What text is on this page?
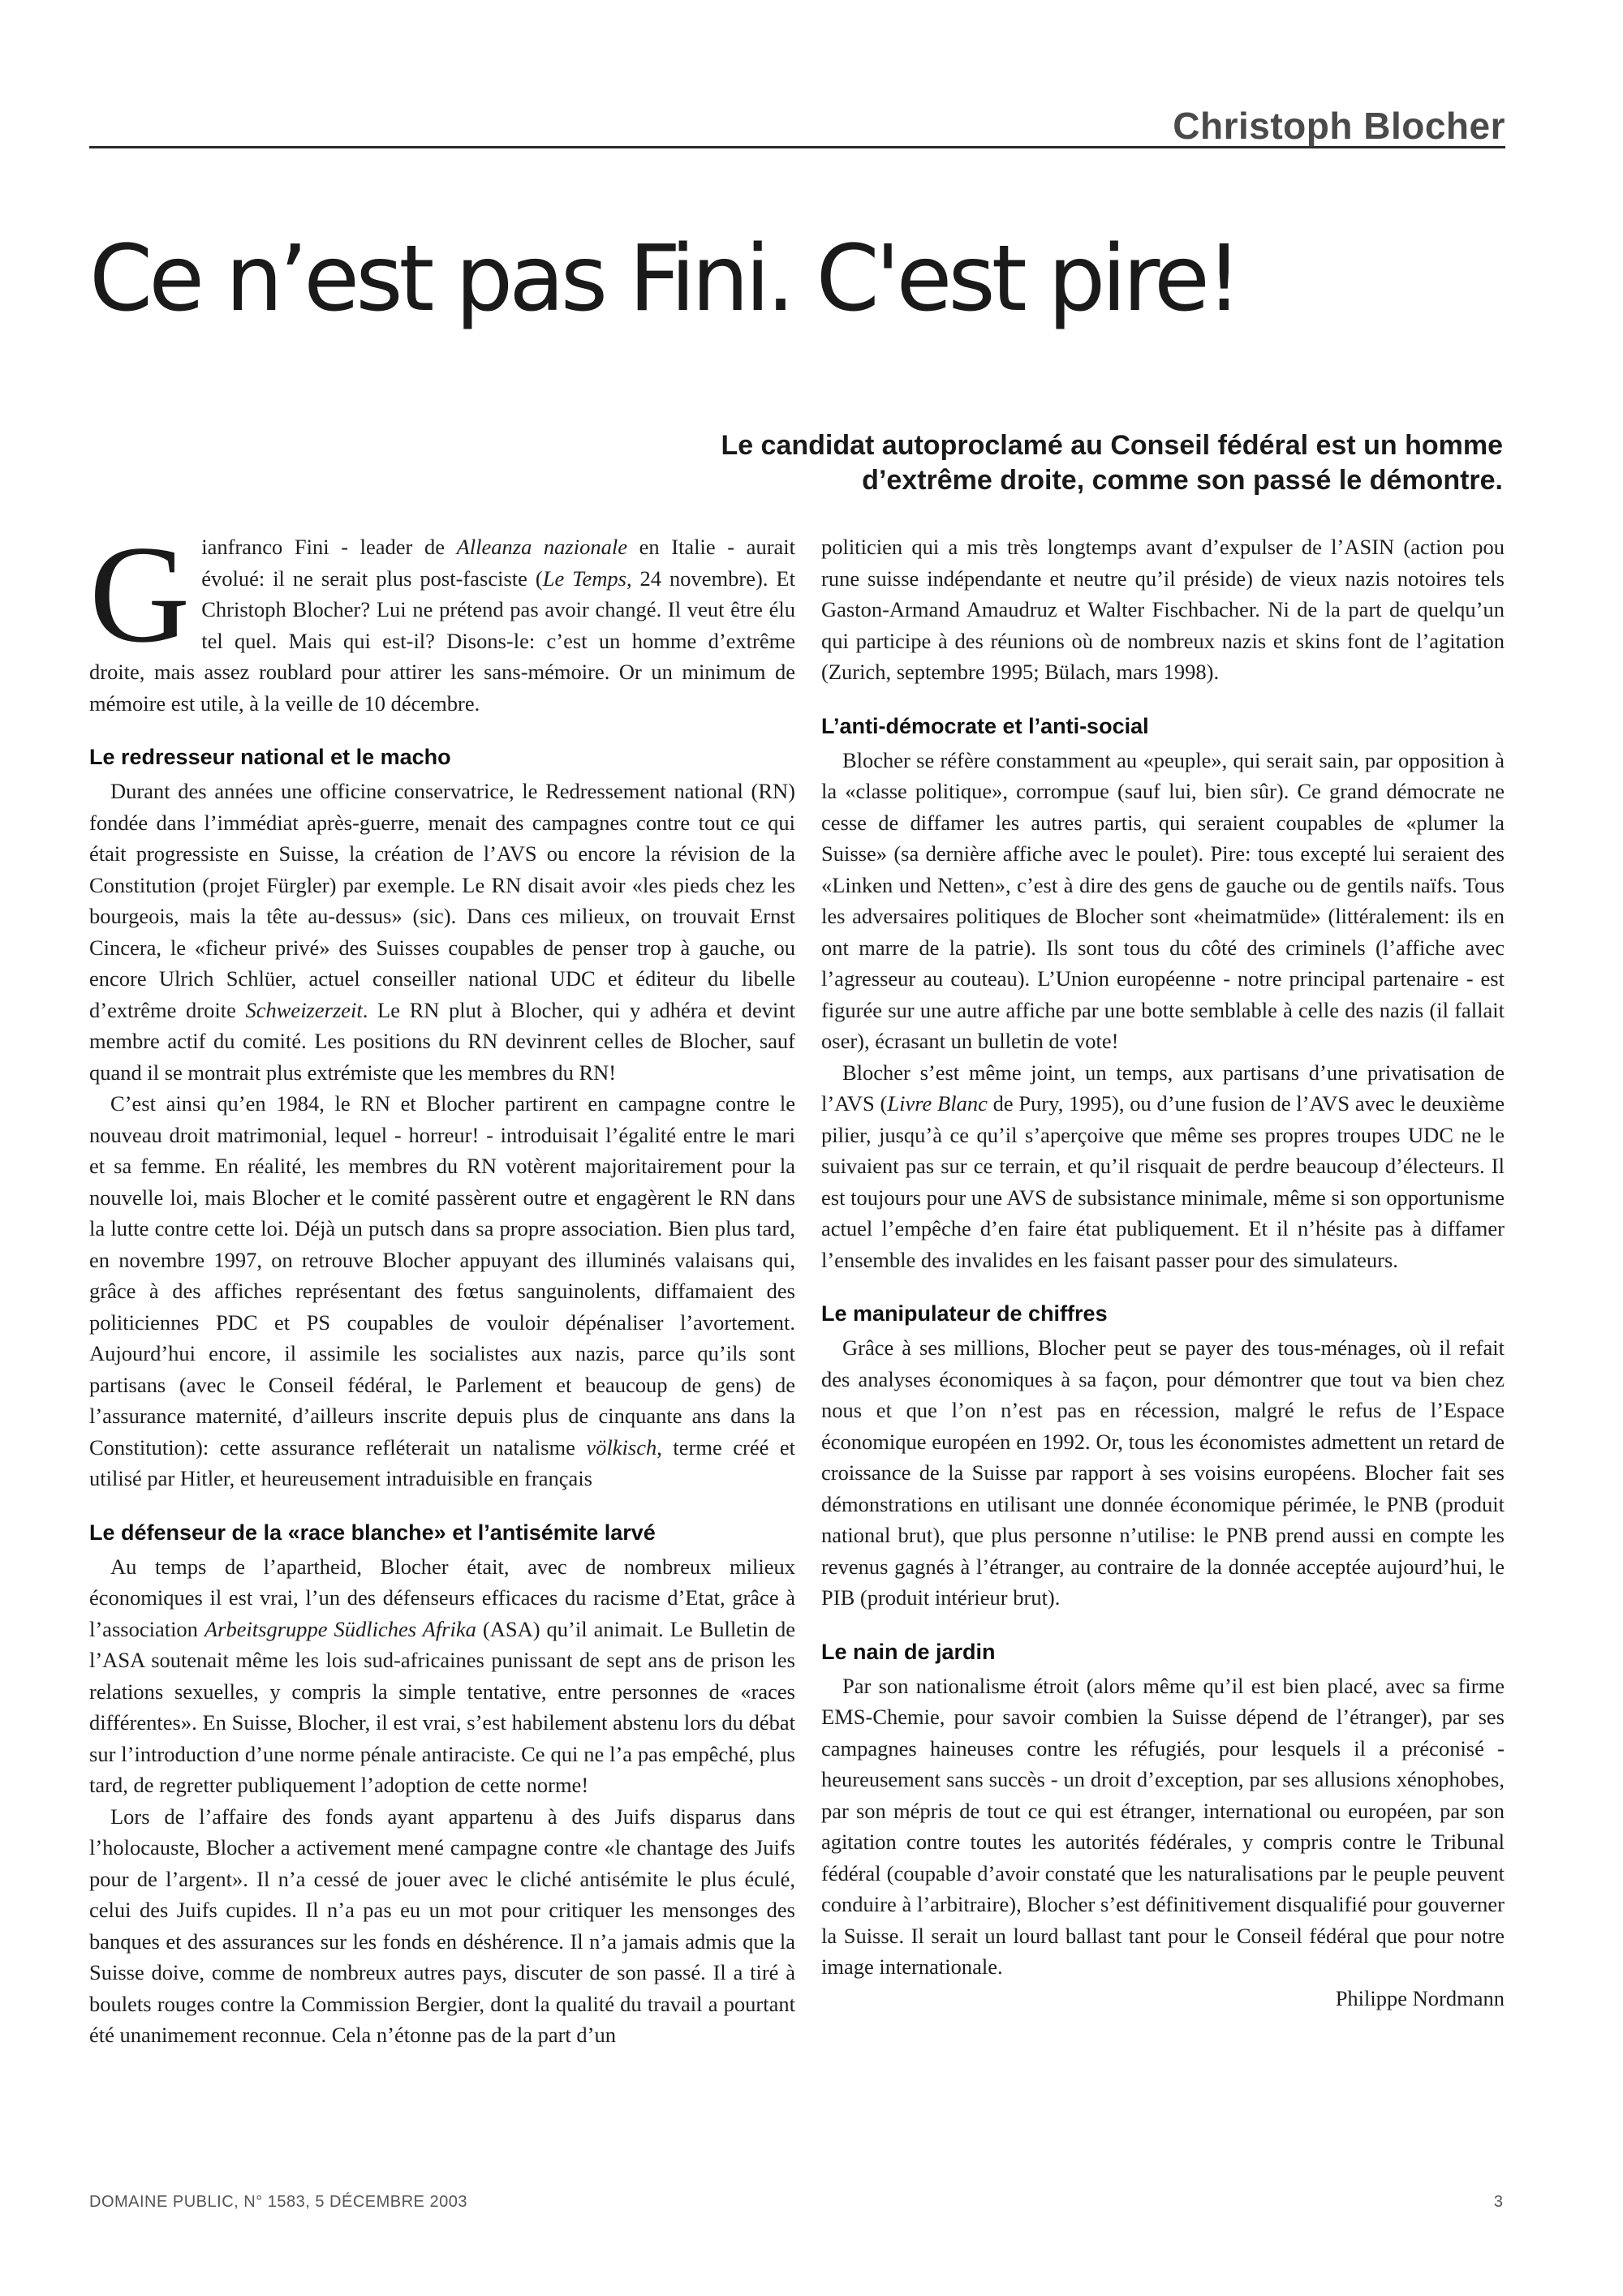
Christoph Blocher
Ce n’est pas Fini. C'est pire!
Le candidat autoproclamé au Conseil fédéral est un homme
d’extrême droite, comme son passé le démontre.

Gianfranco Fini - leader de Alleanza nazionale en Italie - aurait évolué: il ne serait plus post-fasciste (Le Temps, 24 novembre). Et Christoph Blocher? Lui ne prétend pas avoir changé. Il veut être élu tel quel. Mais qui est-il? Disons-le: c’est un homme d’extrême droite, mais assez roublard pour attirer les sans-mémoire. Or un minimum de mémoire est utile, à la veille de 10 décembre.

Le redresseur national et le macho

Durant des années une officine conservatrice, le Redressement national (RN) fondée dans l’immédiat après-guerre, menait des campagnes contre tout ce qui était progressiste en Suisse, la création de l’AVS ou encore la révision de la Constitution (projet Fürgler) par exemple. Le RN disait avoir «les pieds chez les bourgeois, mais la tête au-dessus» (sic). Dans ces milieux, on trouvait Ernst Cincera, le «ficheur privé» des Suisses coupables de penser trop à gauche, ou encore Ulrich Schlüer, actuel conseiller national UDC et éditeur du libelle d’extrême droite Schweizerzeit. Le RN plut à Blocher, qui y adhéra et devint membre actif du comité. Les positions du RN devinrent celles de Blocher, sauf quand il se montrait plus extrémiste que les membres du RN!

C’est ainsi qu’en 1984, le RN et Blocher partirent en campagne contre le nouveau droit matrimonial, lequel - horreur! - introduisait l’égalité entre le mari et sa femme. En réalité, les membres du RN votèrent majoritairement pour la nouvelle loi, mais Blocher et le comité passèrent outre et engagèrent le RN dans la lutte contre cette loi. Déjà un putsch dans sa propre association. Bien plus tard, en novembre 1997, on retrouve Blocher appuyant des illuminés valaisans qui, grâce à des affiches représentant des fœtus sanguinolents, diffamaient des politiciennes PDC et PS coupables de vouloir dépénaliser l’avortement. Aujourd’hui encore, il assimile les socialistes aux nazis, parce qu’ils sont partisans (avec le Conseil fédéral, le Parlement et beaucoup de gens) de l’assurance maternité, d’ailleurs inscrite depuis plus de cinquante ans dans la Constitution): cette assurance refléterait un natalisme völkisch, terme créé et utilisé par Hitler, et heureusement intraduisible en français

Le défenseur de la «race blanche» et l’antisémite larvé

Au temps de l’apartheid, Blocher était, avec de nombreux milieux économiques il est vrai, l’un des défenseurs efficaces du racisme d’Etat, grâce à l’association Arbeitsgruppe Südliches Afrika (ASA) qu’il animait. Le Bulletin de l’ASA soutenait même les lois sud-africaines punissant de sept ans de prison les relations sexuelles, y compris la simple tentative, entre personnes de «races différentes». En Suisse, Blocher, il est vrai, s’est habilement abstenu lors du débat sur l’introduction d’une norme pénale antiraciste. Ce qui ne l’a pas empêché, plus tard, de regretter publiquement l’adoption de cette norme!

Lors de l’affaire des fonds ayant appartenu à des Juifs disparus dans l’holocauste, Blocher a activement mené campagne contre «le chantage des Juifs pour de l’argent». Il n’a cessé de jouer avec le cliché antisémite le plus éculé, celui des Juifs cupides. Il n’a pas eu un mot pour critiquer les mensonges des banques et des assurances sur les fonds en déshérence. Il n’a jamais admis que la Suisse doive, comme de nombreux autres pays, discuter de son passé. Il a tiré à boulets rouges contre la Commission Bergier, dont la qualité du travail a pourtant été unanimement reconnue. Cela n’étonne pas de la part d’un

politicien qui a mis très longtemps avant d’expulser de l’ASIN (action pou rune suisse indépendante et neutre qu’il préside) de vieux nazis notoires tels Gaston-Armand Amaudruz et Walter Fischbacher. Ni de la part de quelqu’un qui participe à des réunions où de nombreux nazis et skins font de l’agitation (Zurich, septembre 1995; Bülach, mars 1998).

L’anti-démocrate et l’anti-social

Blocher se réfère constamment au «peuple», qui serait sain, par opposition à la «classe politique», corrompue (sauf lui, bien sûr). Ce grand démocrate ne cesse de diffamer les autres partis, qui seraient coupables de «plumer la Suisse» (sa dernière affiche avec le poulet). Pire: tous excepté lui seraient des «Linken und Netten», c’est à dire des gens de gauche ou de gentils naïfs. Tous les adversaires politiques de Blocher sont «heimatmüde» (littéralement: ils en ont marre de la patrie). Ils sont tous du côté des criminels (l’affiche avec l’agresseur au couteau). L’Union européenne - notre principal partenaire - est figurée sur une autre affiche par une botte semblable à celle des nazis (il fallait oser), écrasant un bulletin de vote!

Blocher s’est même joint, un temps, aux partisans d’une privatisation de l’AVS (Livre Blanc de Pury, 1995), ou d’une fusion de l’AVS avec le deuxième pilier, jusqu’à ce qu’il s’aperçoive que même ses propres troupes UDC ne le suivaient pas sur ce terrain, et qu’il risquait de perdre beaucoup d’électeurs. Il est toujours pour une AVS de subsistance minimale, même si son opportunisme actuel l’empêche d’en faire état publiquement. Et il n’hésite pas à diffamer l’ensemble des invalides en les faisant passer pour des simulateurs.

Le manipulateur de chiffres

Grâce à ses millions, Blocher peut se payer des tous-ménages, où il refait des analyses économiques à sa façon, pour démontrer que tout va bien chez nous et que l’on n’est pas en récession, malgré le refus de l’Espace économique européen en 1992. Or, tous les économistes admettent un retard de croissance de la Suisse par rapport à ses voisins européens. Blocher fait ses démonstrations en utilisant une donnée économique périmée, le PNB (produit national brut), que plus personne n’utilise: le PNB prend aussi en compte les revenus gagnés à l’étranger, au contraire de la donnée acceptée aujourd’hui, le PIB (produit intérieur brut).

Le nain de jardin

Par son nationalisme étroit (alors même qu’il est bien placé, avec sa firme EMS-Chemie, pour savoir combien la Suisse dépend de l’étranger), par ses campagnes haineuses contre les réfugiés, pour lesquels il a préconisé - heureusement sans succès - un droit d’exception, par ses allusions xénophobes, par son mépris de tout ce qui est étranger, international ou européen, par son agitation contre toutes les autorités fédérales, y compris contre le Tribunal fédéral (coupable d’avoir constaté que les naturalisations par le peuple peuvent conduire à l’arbitraire), Blocher s’est définitivement disqualifié pour gouverner la Suisse. Il serait un lourd ballast tant pour le Conseil fédéral que pour notre image internationale.

Philippe Nordmann

DOMAINE PUBLIC, N° 1583, 5 DÉCEMBRE 2003	3
